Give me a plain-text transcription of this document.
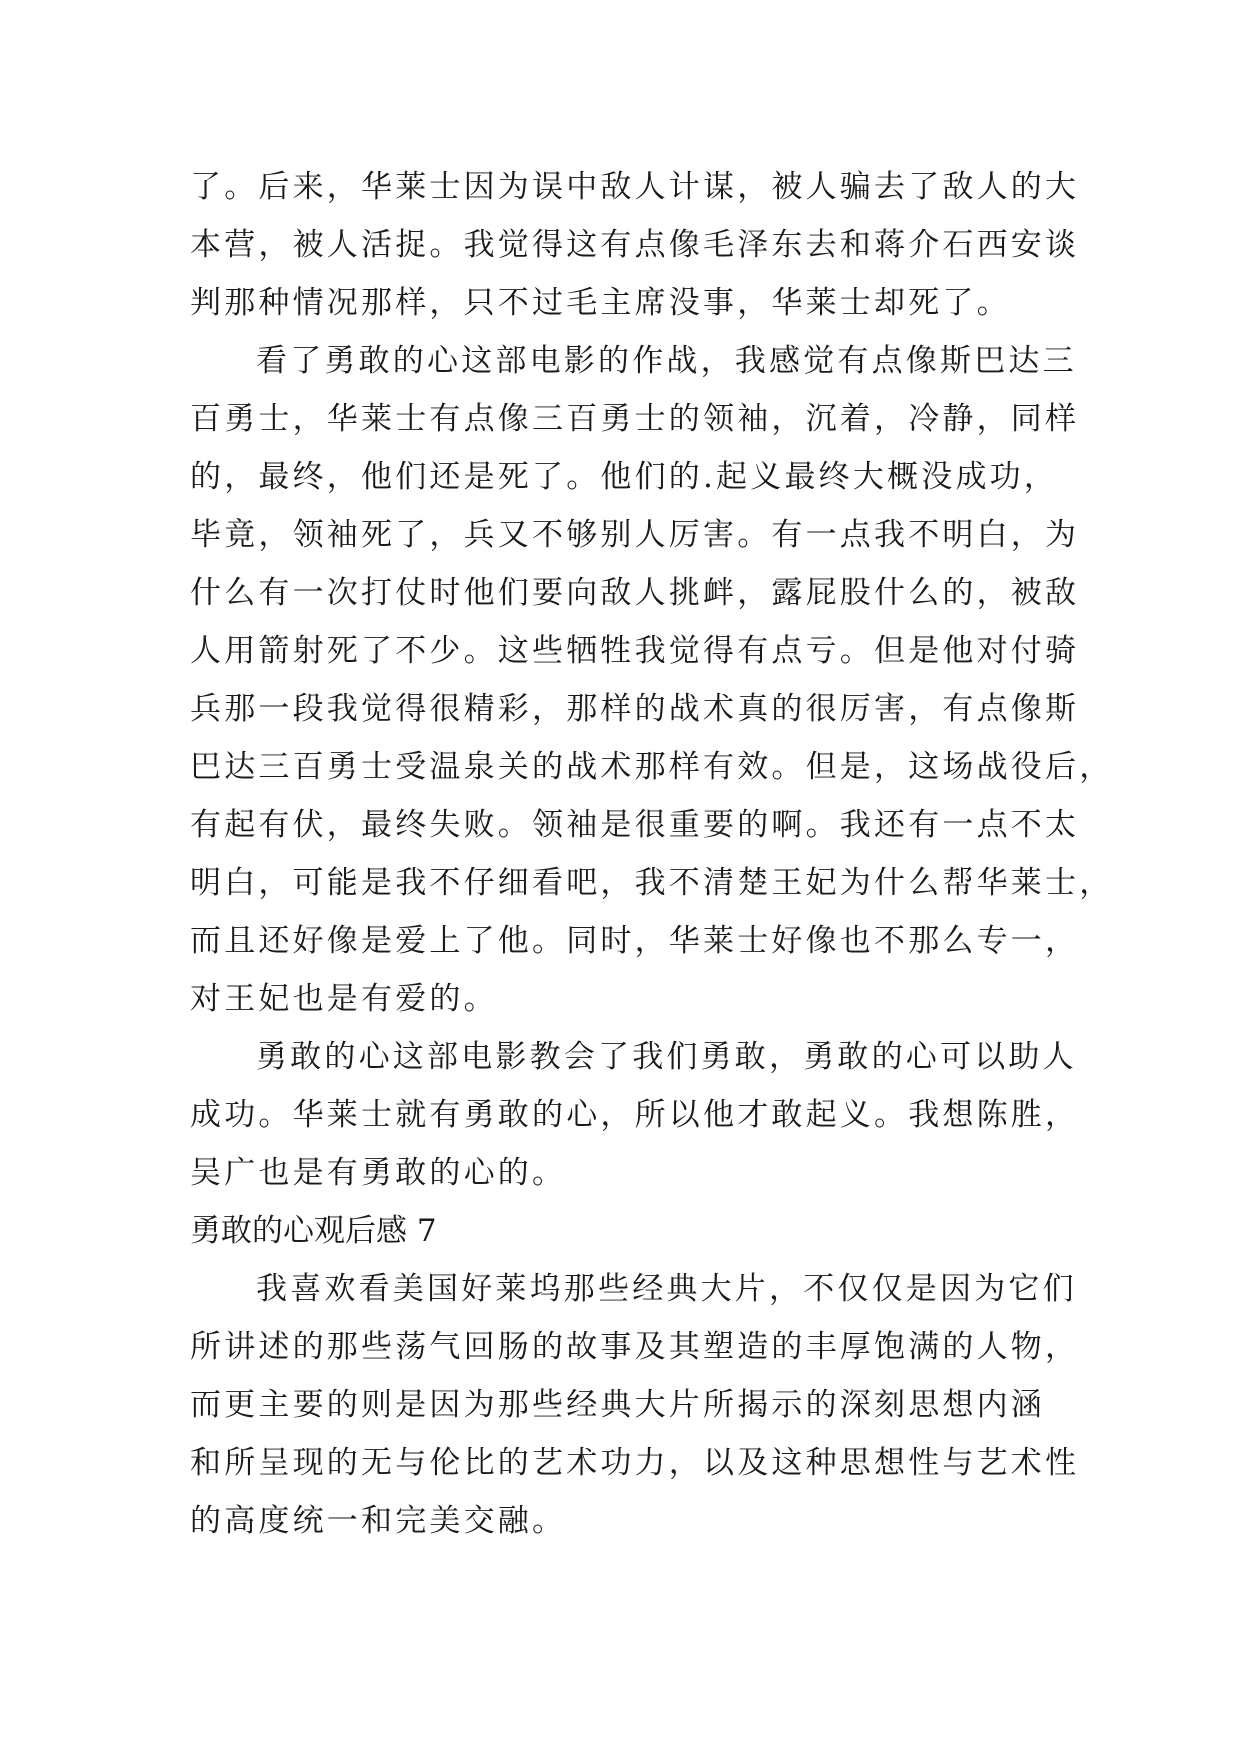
了。后来，华莱士因为误中敌人计谋，被人骗去了敌人的大
本营，被人活捉。我觉得这有点像毛泽东去和蒋介石西安谈
判那种情况那样，只不过毛主席没事，华莱士却死了。
看了勇敢的心这部电影的作战，我感觉有点像斯巴达三
百勇士，华莱士有点像三百勇士的领袖，沉着，冷静，同样
的，最终，他们还是死了。他们的.起义最终大概没成功，
毕竟，领袖死了，兵又不够别人厉害。有一点我不明白，为
什么有一次打仗时他们要向敌人挑衅，露屁股什么的，被敌
人用箭射死了不少。这些牺牲我觉得有点亏。但是他对付骑
兵那一段我觉得很精彩，那样的战术真的很厉害，有点像斯
巴达三百勇士受温泉关的战术那样有效。但是，这场战役后，
有起有伏，最终失败。领袖是很重要的啊。我还有一点不太
明白，可能是我不仔细看吧，我不清楚王妃为什么帮华莱士，
而且还好像是爱上了他。同时，华莱士好像也不那么专一，
对王妃也是有爱的。
勇敢的心这部电影教会了我们勇敢，勇敢的心可以助人
成功。华莱士就有勇敢的心，所以他才敢起义。我想陈胜，
吴广也是有勇敢的心的。
勇敢的心观后感 7
我喜欢看美国好莱坞那些经典大片，不仅仅是因为它们
所讲述的那些荡气回肠的故事及其塑造的丰厚饱满的人物，
而更主要的则是因为那些经典大片所揭示的深刻思想内涵
和所呈现的无与伦比的艺术功力，以及这种思想性与艺术性
的高度统一和完美交融。
